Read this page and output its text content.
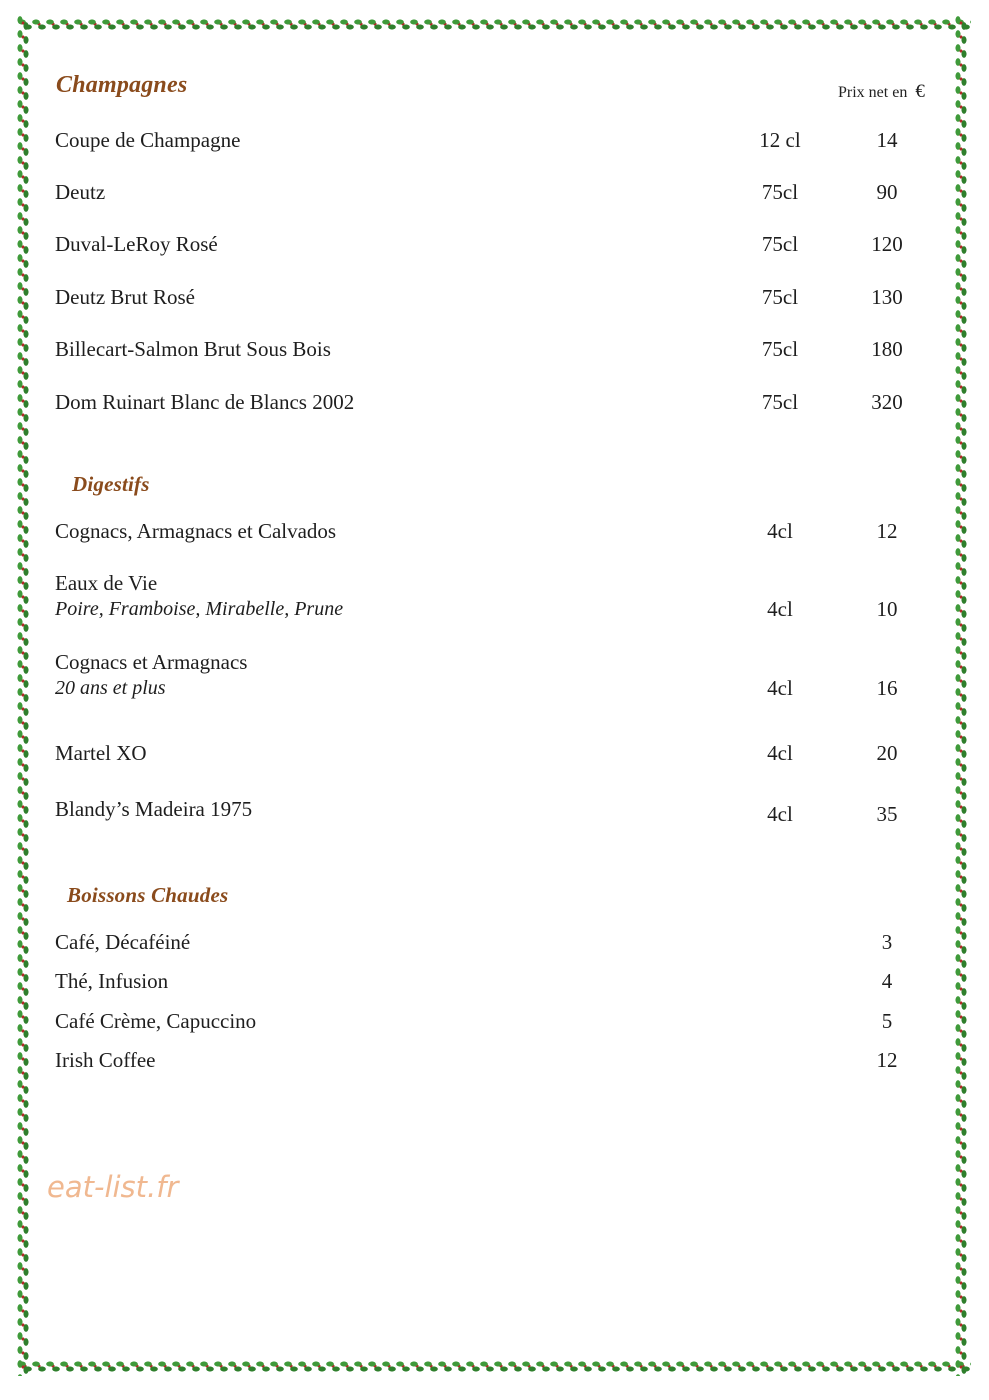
Champagnes	Prix net en €
Coupe de Champagne	12 cl	14
Deutz	75cl	90
Duval-LeRoy Rosé	75cl	120
Deutz Brut Rosé	75cl	130
Billecart-Salmon Brut Sous Bois	75cl	180
Dom Ruinart Blanc de Blancs 2002	75cl	320
Digestifs
Cognacs, Armagnacs et Calvados	4cl	12
Eaux de Vie
Poire, Framboise, Mirabelle, Prune	4cl	10
Cognacs et Armagnacs
20 ans et plus	4cl	16
Martel XO	4cl	20
Blandy’s Madeira 1975	4cl	35
Boissons Chaudes
Café, Décaféiné	3
Thé, Infusion	4
Café Crème, Capuccino	5
Irish Coffee	12
eat-list.fr
